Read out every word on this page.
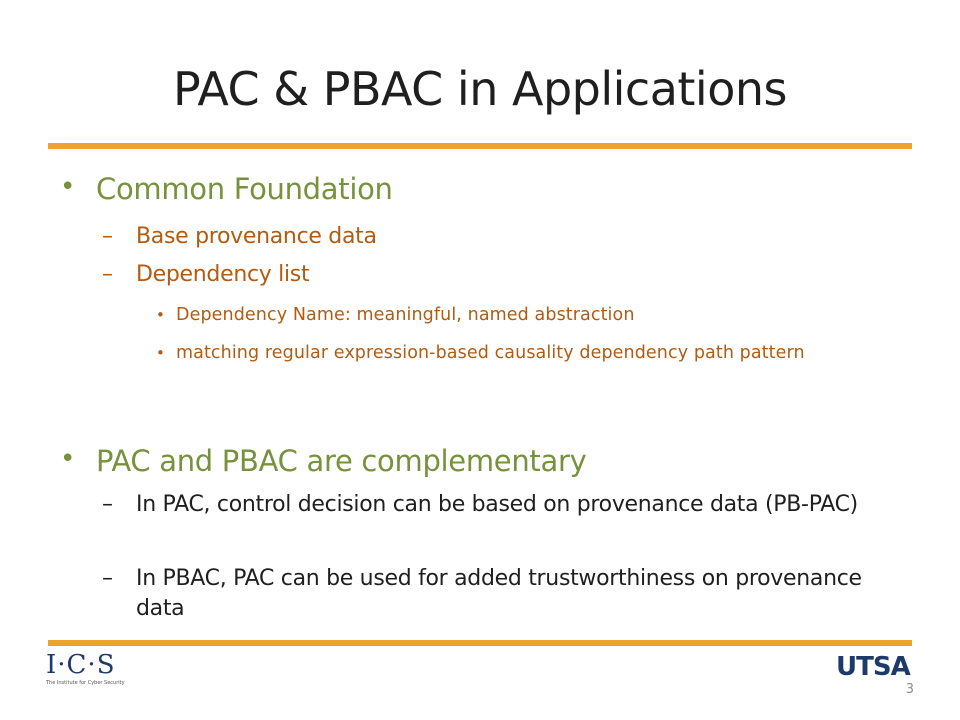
PAC & PBAC in Applications
• Common Foundation
– Base provenance data
– Dependency list
• Dependency Name: meaningful, named abstraction
• matching regular expression-based causality dependency path pattern
• PAC and PBAC are complementary
– In PAC, control decision can be based on provenance data (PB-PAC)
– In PBAC, PAC can be used for added trustworthiness on provenance data
I·C·S
The Institute for Cyber Security
UTSA
3
